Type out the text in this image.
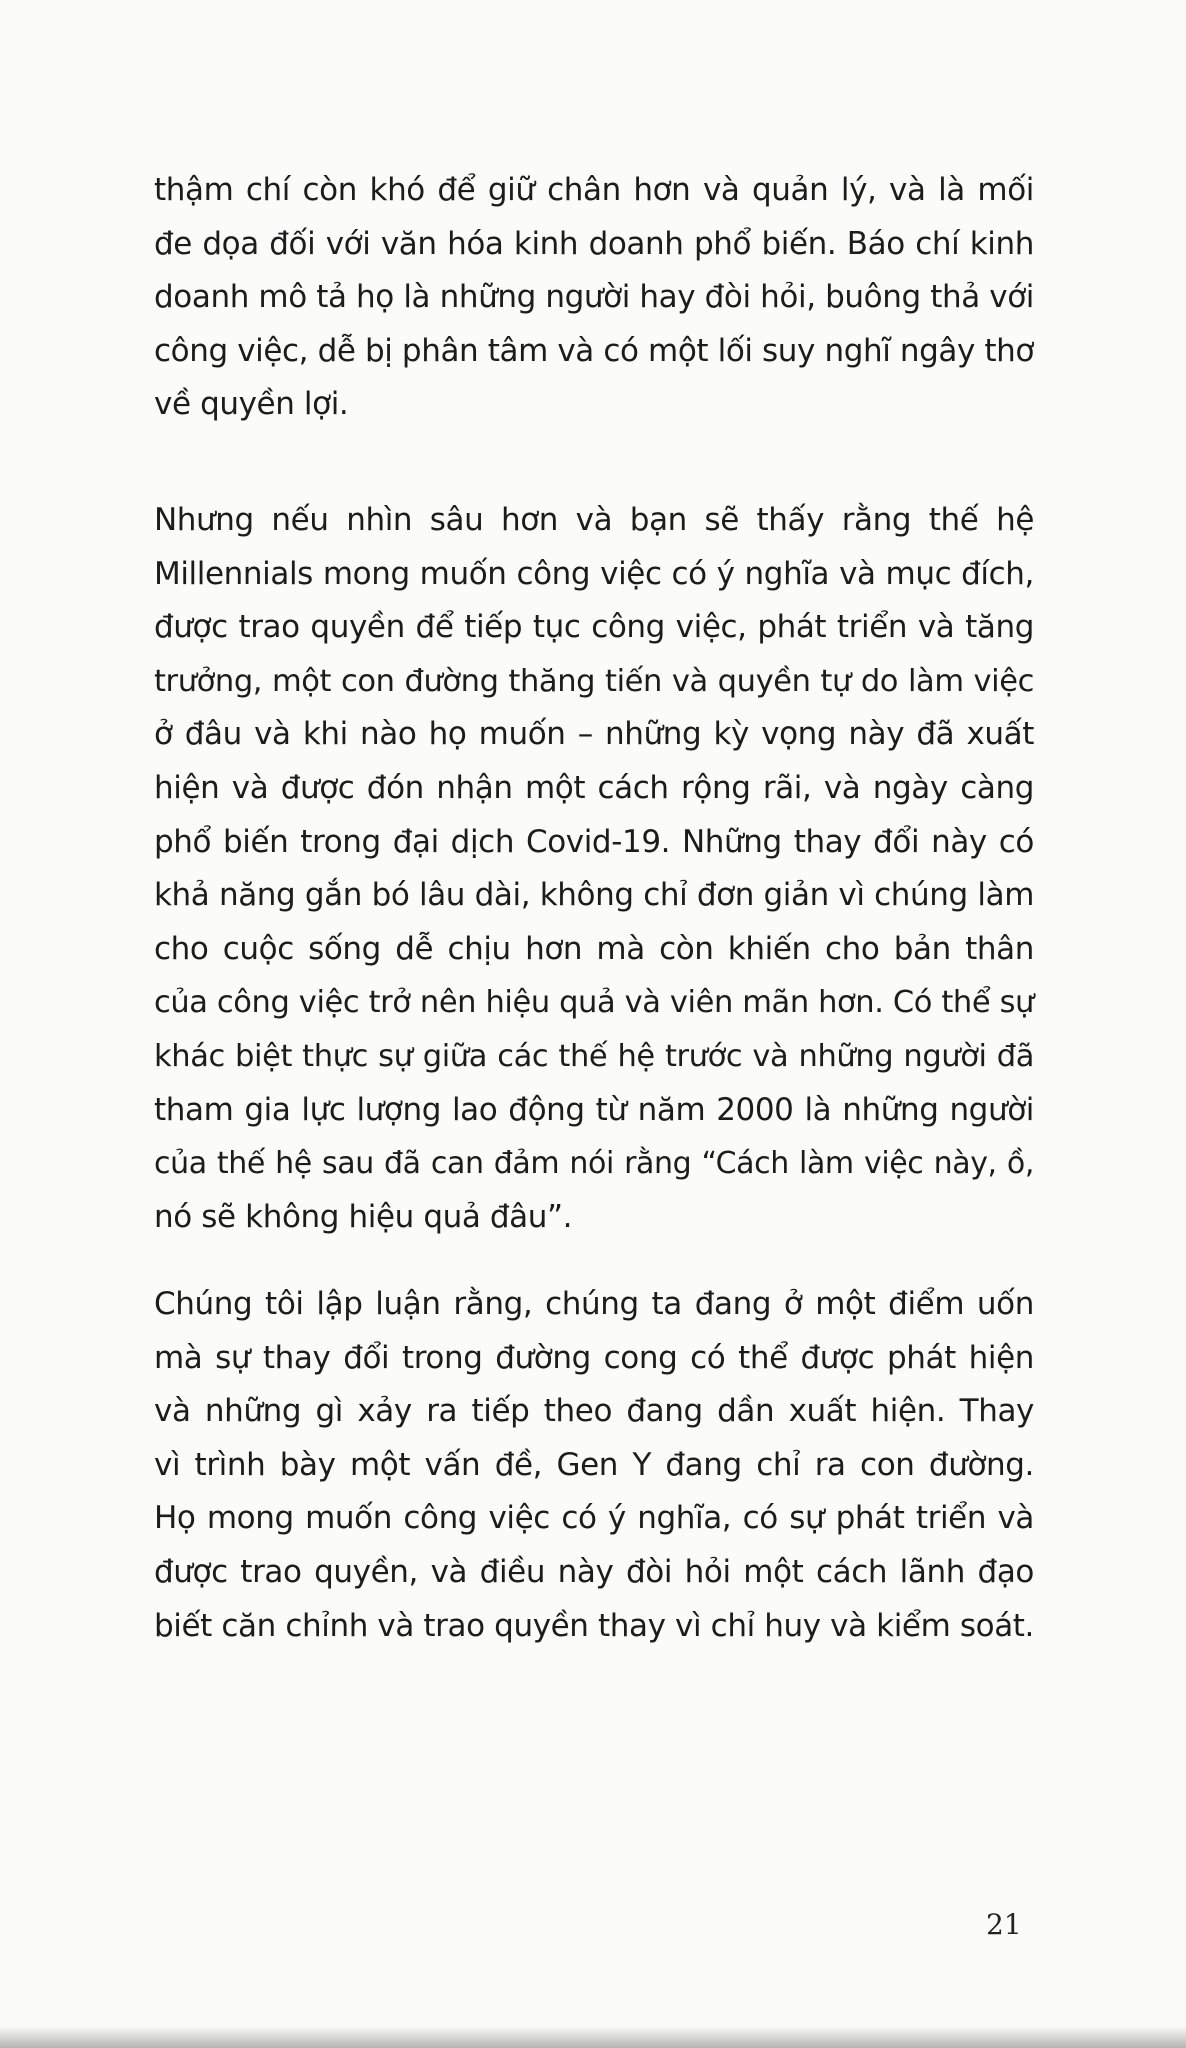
thậm chí còn khó để giữ chân hơn và quản lý, và là mối
đe dọa đối với văn hóa kinh doanh phổ biến. Báo chí kinh
doanh mô tả họ là những người hay đòi hỏi, buông thả với
công việc, dễ bị phân tâm và có một lối suy nghĩ ngây thơ
về quyền lợi.
Nhưng nếu nhìn sâu hơn và bạn sẽ thấy rằng thế hệ
Millennials mong muốn công việc có ý nghĩa và mục đích,
được trao quyền để tiếp tục công việc, phát triển và tăng
trưởng, một con đường thăng tiến và quyền tự do làm việc
ở đâu và khi nào họ muốn – những kỳ vọng này đã xuất
hiện và được đón nhận một cách rộng rãi, và ngày càng
phổ biến trong đại dịch Covid-19. Những thay đổi này có
khả năng gắn bó lâu dài, không chỉ đơn giản vì chúng làm
cho cuộc sống dễ chịu hơn mà còn khiến cho bản thân
của công việc trở nên hiệu quả và viên mãn hơn. Có thể sự
khác biệt thực sự giữa các thế hệ trước và những người đã
tham gia lực lượng lao động từ năm 2000 là những người
của thế hệ sau đã can đảm nói rằng “Cách làm việc này, ồ,
nó sẽ không hiệu quả đâu”.
Chúng tôi lập luận rằng, chúng ta đang ở một điểm uốn
mà sự thay đổi trong đường cong có thể được phát hiện
và những gì xảy ra tiếp theo đang dần xuất hiện. Thay
vì trình bày một vấn đề, Gen Y đang chỉ ra con đường.
Họ mong muốn công việc có ý nghĩa, có sự phát triển và
được trao quyền, và điều này đòi hỏi một cách lãnh đạo
biết căn chỉnh và trao quyền thay vì chỉ huy và kiểm soát.
21
